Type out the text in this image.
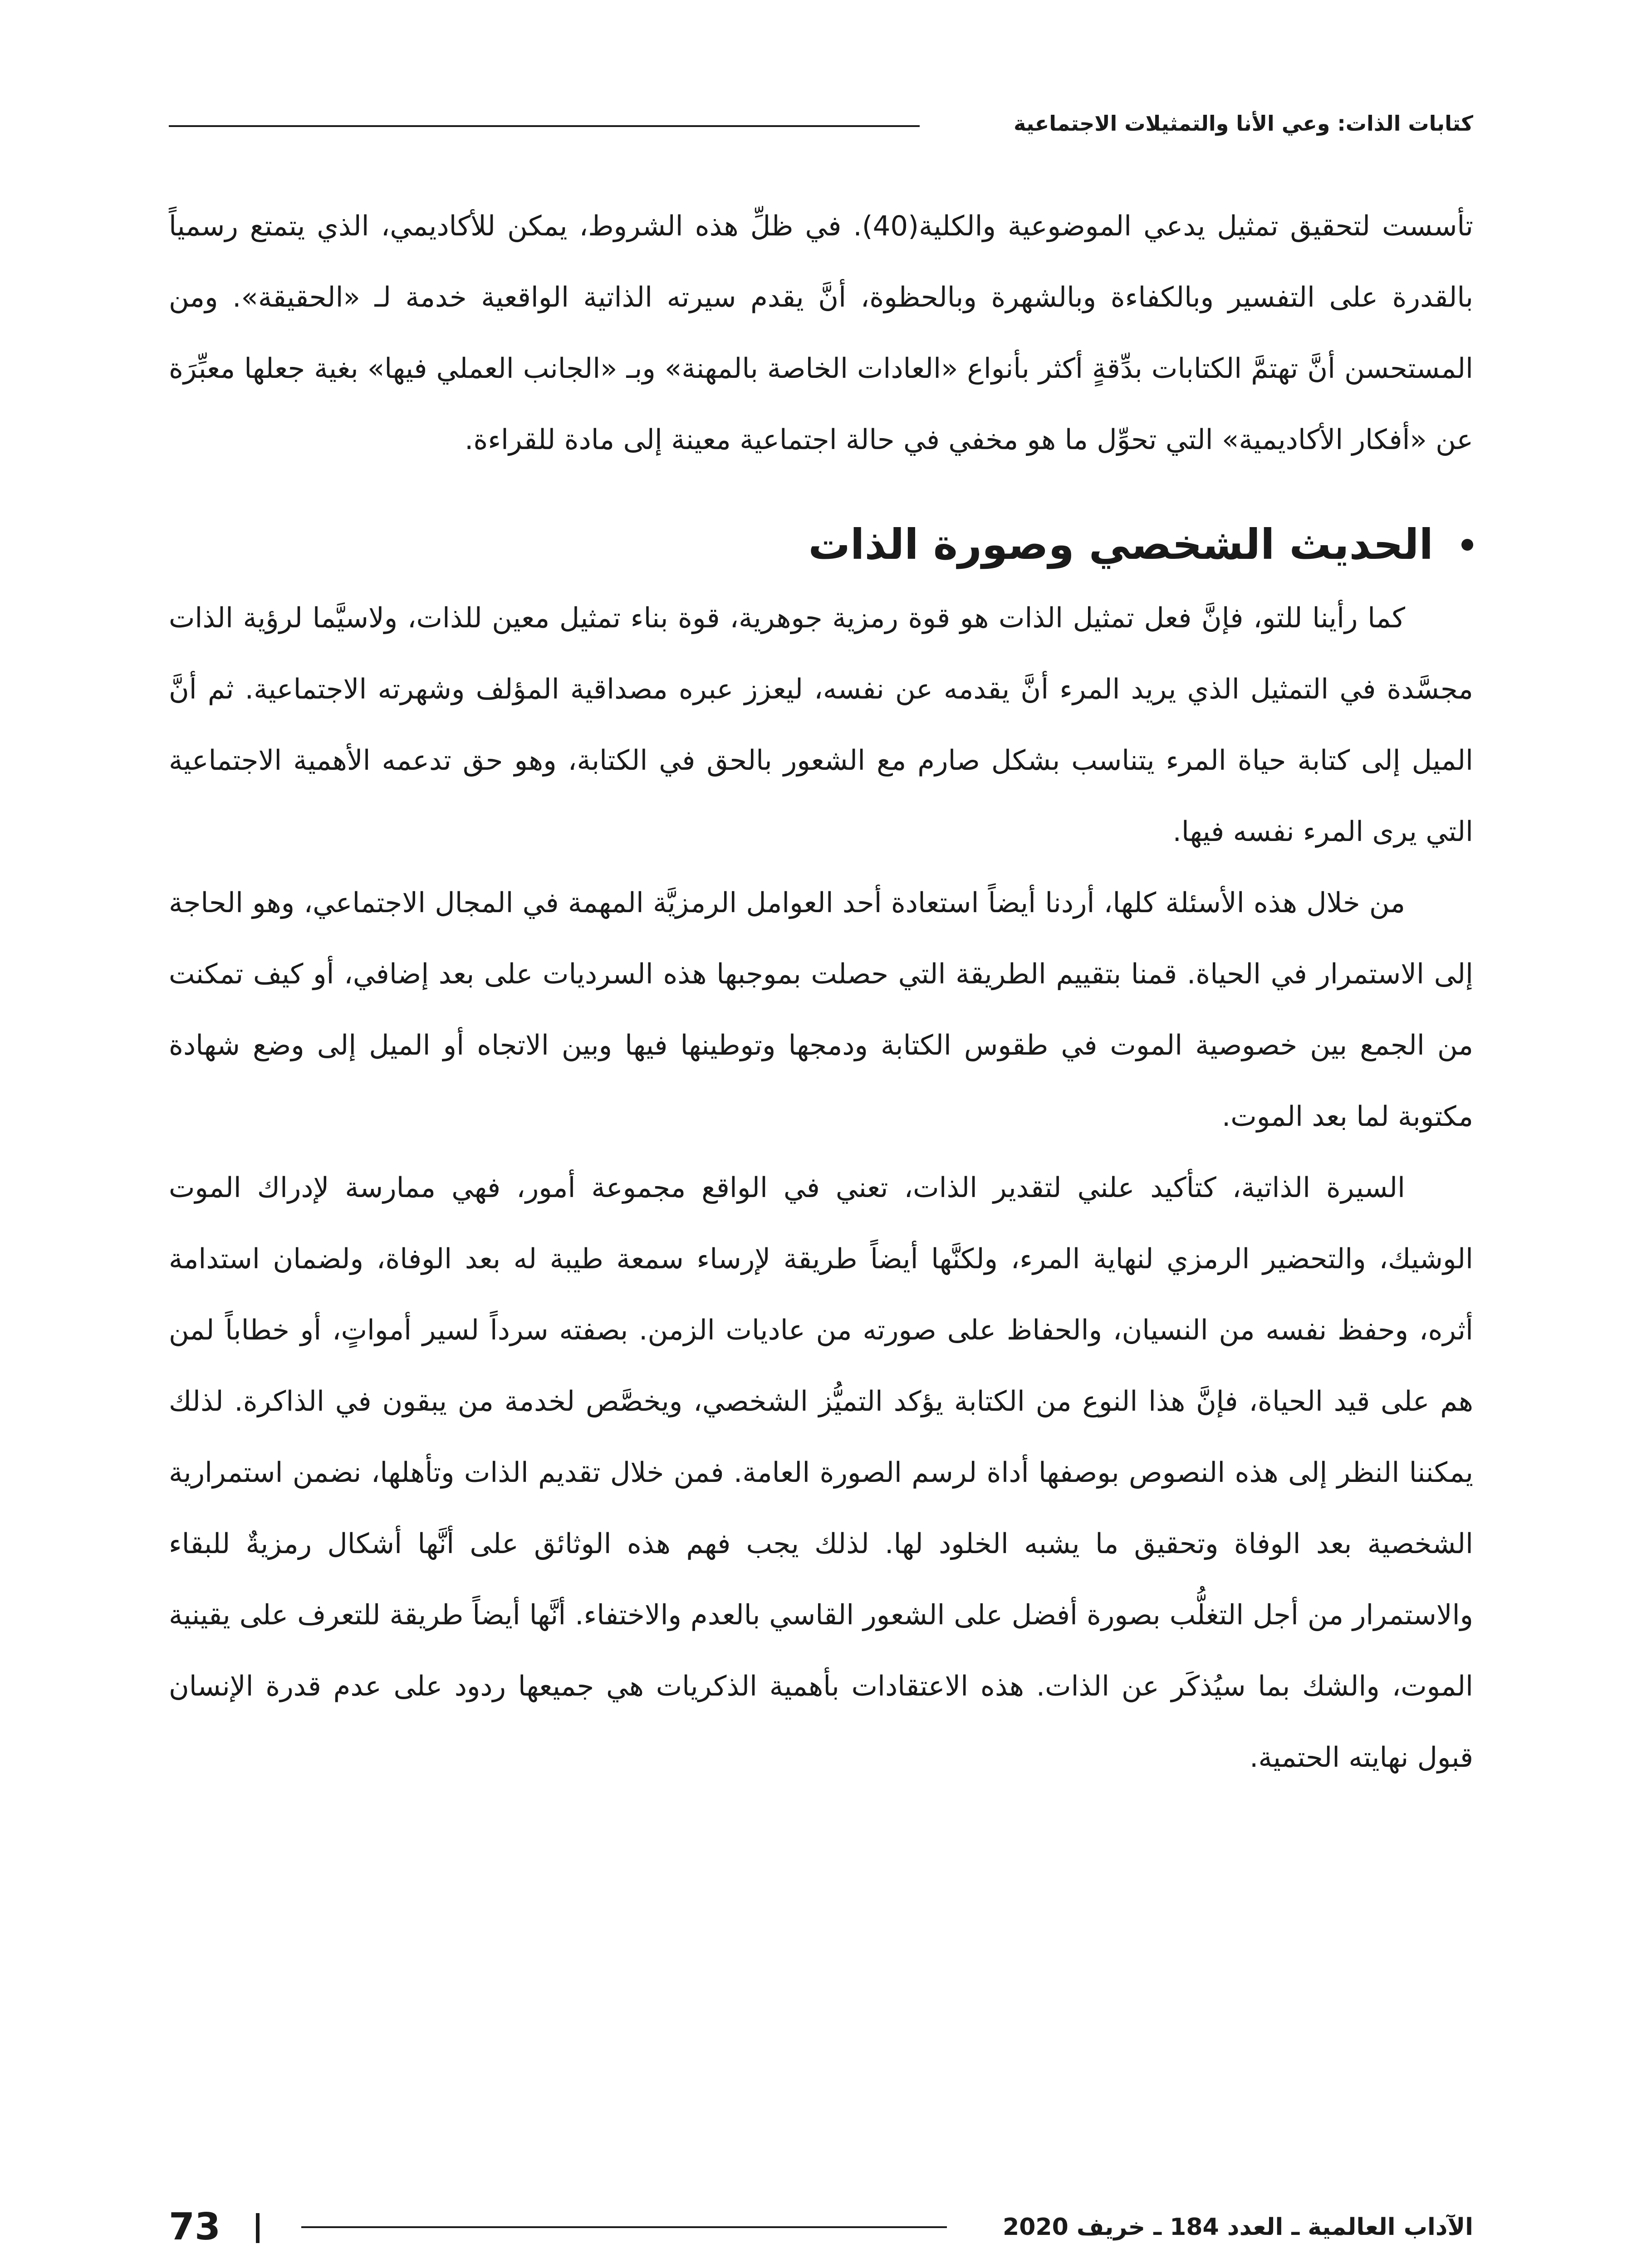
كتابات الذات: وعي الأنا والتمثيلات الاجتماعية

تأسست لتحقيق تمثيل يدعي الموضوعية والكلية(40). في ظلِّ هذه الشروط، يمكن للأكاديمي، الذي يتمتع رسمياً بالقدرة على التفسير وبالكفاءة وبالشهرة وبالحظوة، أنَّ يقدم سيرته الذاتية الواقعية خدمة لـ «الحقيقة». ومن المستحسن أنَّ تهتمَّ الكتابات بدِّقةٍ أكثر بأنواع «العادات الخاصة بالمهنة» وبـ «الجانب العملي فيها» بغية جعلها معبِّرَة عن «أفكار الأكاديمية» التي تحوِّل ما هو مخفي في حالة اجتماعية معينة إلى مادة للقراءة.

الحديث الشخصي وصورة الذات

كما رأينا للتو، فإنَّ فعل تمثيل الذات هو قوة رمزية جوهرية، قوة بناء تمثيل معين للذات، ولاسيَّما لرؤية الذات مجسَّدة في التمثيل الذي يريد المرء أنَّ يقدمه عن نفسه، ليعزز عبره مصداقية المؤلف وشهرته الاجتماعية. ثم أنَّ الميل إلى كتابة حياة المرء يتناسب بشكل صارم مع الشعور بالحق في الكتابة، وهو حق تدعمه الأهمية الاجتماعية التي يرى المرء نفسه فيها.

من خلال هذه الأسئلة كلها، أردنا أيضاً استعادة أحد العوامل الرمزيَّة المهمة في المجال الاجتماعي، وهو الحاجة إلى الاستمرار في الحياة. قمنا بتقييم الطريقة التي حصلت بموجبها هذه السرديات على بعد إضافي، أو كيف تمكنت من الجمع بين خصوصية الموت في طقوس الكتابة ودمجها وتوطينها فيها وبين الاتجاه أو الميل إلى وضع شهادة مكتوبة لما بعد الموت.

السيرة الذاتية، كتأكيد علني لتقدير الذات، تعني في الواقع مجموعة أمور، فهي ممارسة لإدراك الموت الوشيك، والتحضير الرمزي لنهاية المرء، ولكنَّها أيضاً طريقة لإرساء سمعة طيبة له بعد الوفاة، ولضمان استدامة أثره، وحفظ نفسه من النسيان، والحفاظ على صورته من عاديات الزمن. بصفته سرداً لسير أمواتٍ، أو خطاباً لمن هم على قيد الحياة، فإنَّ هذا النوع من الكتابة يؤكد التميُّز الشخصي، ويخصَّص لخدمة من يبقون في الذاكرة. لذلك يمكننا النظر إلى هذه النصوص بوصفها أداة لرسم الصورة العامة. فمن خلال تقديم الذات وتأهلها، نضمن استمرارية الشخصية بعد الوفاة وتحقيق ما يشبه الخلود لها. لذلك يجب فهم هذه الوثائق على أنَّها أشكال رمزيةٌ للبقاء والاستمرار من أجل التغلُّب بصورة أفضل على الشعور القاسي بالعدم والاختفاء. أنَّها أيضاً طريقة للتعرف على يقينية الموت، والشك بما سيُذكَر عن الذات. هذه الاعتقادات بأهمية الذكريات هي جميعها ردود على عدم قدرة الإنسان قبول نهايته الحتمية.

73	الآداب العالمية ـ العدد 184 ـ خريف 2020
